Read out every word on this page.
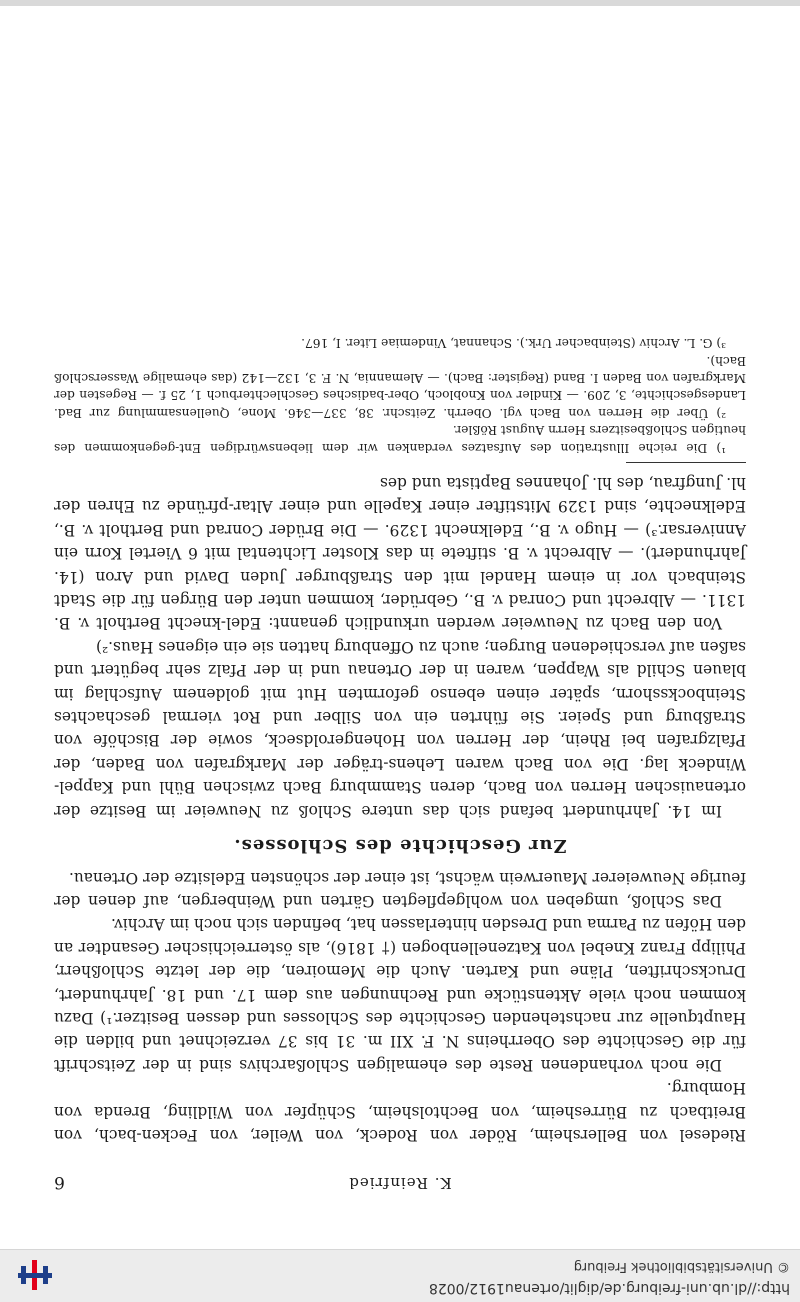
http://dl.ub.uni-freiburg.de/diglit/ortenau1912/0028
© Universitätsbibliothek Freiburg
K. Reinfried
6

Riedesel von Bellersheim, Röder von Rodeck, von Weiler, von Fecken-bach, von Breitbach zu Bürresheim, von Bechtolsheim, Schüpfer von Wildling, Brenda von Homburg.

Die noch vorhandenen Reste des ehemaligen Schloßarchivs sind in der Zeitschrift für die Geschichte des Oberrheins N. F. XII m. 31 bis 37 verzeichnet und bilden die Hauptquelle zur nachstehenden Geschichte des Schlosses und dessen Besitzer.¹) Dazu kommen noch viele Aktenstücke und Rechnungen aus dem 17. und 18. Jahrhundert, Druckschriften, Pläne und Karten. Auch die Memoiren, die der letzte Schloßherr, Philipp Franz Knebel von Katzenellenbogen († 1816), als österreichischer Gesandter an den Höfen zu Parma und Dresden hinterlassen hat, befinden sich noch im Archiv.

Das Schloß, umgeben von wohlgepflegten Gärten und Weinbergen, auf denen der feurige Neuweierer Mauerwein wächst, ist einer der schönsten Edelsitze der Ortenau.

Zur Geschichte des Schlosses.

Im 14. Jahrhundert befand sich das untere Schloß zu Neuweier im Besitze der ortenauischen Herren von Bach, deren Stammburg Bach zwischen Bühl und Kappel-Windeck lag. Die von Bach waren Lehens-träger der Markgrafen von Baden, der Pfalzgrafen bei Rhein, der Herren von Hohengeroldseck, sowie der Bischöfe von Straßburg und Speier. Sie führten ein von Silber und Rot viermal geschachtes Steinbocksshorn, später einen ebenso geformten Hut mit goldenem Aufschlag im blauen Schild als Wappen, waren in der Ortenau und in der Pfalz sehr begütert und saßen auf verschiedenen Burgen; auch zu Offenburg hatten sie ein eigenes Haus.²)

Von den Bach zu Neuweier werden urkundlich genannt: Edel-knecht Bertholt v. B. 1311. — Albrecht und Conrad v. B., Gebrüder, kommen unter den Bürgen für die Stadt Steinbach vor in einem Handel mit den Straßburger Juden David und Aron (14. Jahrhundert). — Albrecht v. B. stiftete in das Kloster Lichtental mit 6 Viertel Korn ein Anniversar.³) — Hugo v. B., Edelknecht 1329. — Die Brüder Conrad und Bertholt v. B., Edelknechte, sind 1329 Mitstifter einer Kapelle und einer Altar-pfründe zu Ehren der hl. Jungfrau, des hl. Johannes Baptista und des

¹) Die reiche Illustration des Aufsatzes verdanken wir dem liebenswürdigen Ent-gegenkommen des heutigen Schloßbesitzers Herrn August Rößler.

²) Über die Herren von Bach vgl. Oberrh. Zeitschr. 38, 337—346. Mone, Quellensammlung zur Bad. Landesgeschichte, 3, 209. — Kindler von Knobloch, Ober-badisches Geschlechterbuch 1, 25 f. — Regesten der Markgrafen von Baden I. Band (Register: Bach). — Alemannia, N. F. 3, 132—142 (das ehemalige Wasserschloß Bach).

³) G. L. Archiv (Steinbacher Urk.). Schannat, Vindemiae Liter. I, 167.
